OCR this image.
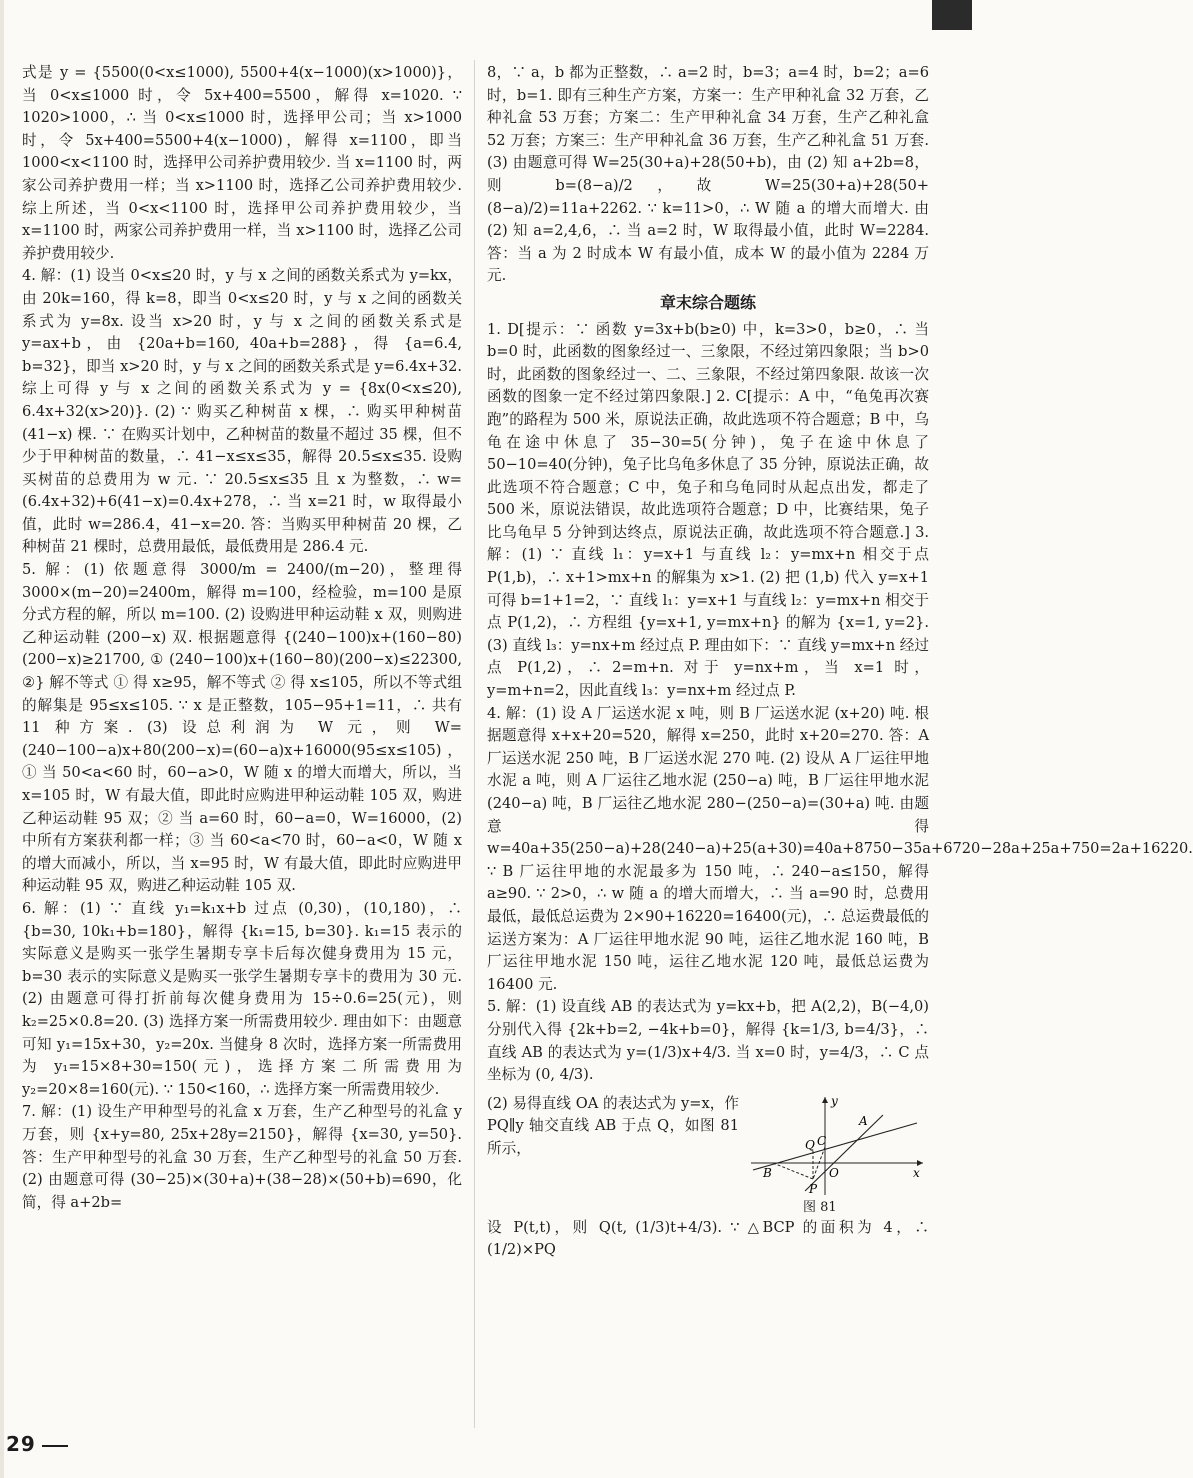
式是 y = {5500(0<x≤1000), 5500+4(x−1000)(x>1000)}，当 0<x≤1000 时，令 5x+400=5500，解得 x=1020. ∵ 1020>1000，∴ 当 0<x≤1000 时，选择甲公司；当 x>1000 时，令 5x+400=5500+4(x−1000)，解得 x=1100，即当 1000<x<1100 时，选择甲公司养护费用较少. 当 x=1100 时，两家公司养护费用一样；当 x>1100 时，选择乙公司养护费用较少. 综上所述，当 0<x<1100 时，选择甲公司养护费用较少，当 x=1100 时，两家公司养护费用一样，当 x>1100 时，选择乙公司养护费用较少.

4. 解：(1) 设当 0<x≤20 时，y 与 x 之间的函数关系式为 y=kx，由 20k=160，得 k=8，即当 0<x≤20 时，y 与 x 之间的函数关系式为 y=8x. 设当 x>20 时，y 与 x 之间的函数关系式是 y=ax+b，由 {20a+b=160, 40a+b=288}，得 {a=6.4, b=32}，即当 x>20 时，y 与 x 之间的函数关系式是 y=6.4x+32. 综上可得 y 与 x 之间的函数关系式为 y = {8x(0<x≤20), 6.4x+32(x>20)}. (2) ∵ 购买乙种树苗 x 棵，∴ 购买甲种树苗 (41−x) 棵. ∵ 在购买计划中，乙种树苗的数量不超过 35 棵，但不少于甲种树苗的数量，∴ 41−x≤x≤35，解得 20.5≤x≤35. 设购买树苗的总费用为 w 元. ∵ 20.5≤x≤35 且 x 为整数，∴ w=(6.4x+32)+6(41−x)=0.4x+278，∴ 当 x=21 时，w 取得最小值，此时 w=286.4，41−x=20. 答：当购买甲种树苗 20 棵，乙种树苗 21 棵时，总费用最低，最低费用是 286.4 元.

5. 解：(1) 依题意得 3000/m = 2400/(m−20)，整理得 3000×(m−20)=2400m，解得 m=100，经检验，m=100 是原分式方程的解，所以 m=100. (2) 设购进甲种运动鞋 x 双，则购进乙种运动鞋 (200−x) 双. 根据题意得 {(240−100)x+(160−80)(200−x)≥21700, ① (240−100)x+(160−80)(200−x)≤22300, ②} 解不等式 ① 得 x≥95，解不等式 ② 得 x≤105，所以不等式组的解集是 95≤x≤105. ∵ x 是正整数，105−95+1=11，∴ 共有 11 种方案. (3) 设总利润为 W 元，则 W=(240−100−a)x+80(200−x)=(60−a)x+16000(95≤x≤105)，① 当 50<a<60 时，60−a>0，W 随 x 的增大而增大，所以，当 x=105 时，W 有最大值，即此时应购进甲种运动鞋 105 双，购进乙种运动鞋 95 双；② 当 a=60 时，60−a=0，W=16000，(2) 中所有方案获利都一样；③ 当 60<a<70 时，60−a<0，W 随 x 的增大而减小，所以，当 x=95 时，W 有最大值，即此时应购进甲种运动鞋 95 双，购进乙种运动鞋 105 双.

6. 解：(1) ∵ 直线 y₁=k₁x+b 过点 (0,30)，(10,180)，∴ {b=30, 10k₁+b=180}，解得 {k₁=15, b=30}. k₁=15 表示的实际意义是购买一张学生暑期专享卡后每次健身费用为 15 元，b=30 表示的实际意义是购买一张学生暑期专享卡的费用为 30 元. (2) 由题意可得打折前每次健身费用为 15÷0.6=25(元)，则 k₂=25×0.8=20. (3) 选择方案一所需费用较少. 理由如下：由题意可知 y₁=15x+30，y₂=20x. 当健身 8 次时，选择方案一所需费用为 y₁=15×8+30=150(元)，选择方案二所需费用为 y₂=20×8=160(元). ∵ 150<160，∴ 选择方案一所需费用较少.

7. 解：(1) 设生产甲种型号的礼盒 x 万套，生产乙种型号的礼盒 y 万套，则 {x+y=80, 25x+28y=2150}，解得 {x=30, y=50}. 答：生产甲种型号的礼盒 30 万套，生产乙种型号的礼盒 50 万套. (2) 由题意可得 (30−25)×(30+a)+(38−28)×(50+b)=690，化简，得 a+2b=

8，∵ a，b 都为正整数，∴ a=2 时，b=3；a=4 时，b=2；a=6 时，b=1. 即有三种生产方案，方案一：生产甲种礼盒 32 万套，乙种礼盒 53 万套；方案二：生产甲种礼盒 34 万套，生产乙种礼盒 52 万套；方案三：生产甲种礼盒 36 万套，生产乙种礼盒 51 万套. (3) 由题意可得 W=25(30+a)+28(50+b)，由 (2) 知 a+2b=8，则 b=(8−a)/2，故 W=25(30+a)+28(50+(8−a)/2)=11a+2262. ∵ k=11>0，∴ W 随 a 的增大而增大. 由 (2) 知 a=2,4,6，∴ 当 a=2 时，W 取得最小值，此时 W=2284. 答：当 a 为 2 时成本 W 有最小值，成本 W 的最小值为 2284 万元.

章末综合题练

1. D[提示：∵ 函数 y=3x+b(b≥0) 中，k=3>0，b≥0，∴ 当 b=0 时，此函数的图象经过一、三象限，不经过第四象限；当 b>0 时，此函数的图象经过一、二、三象限，不经过第四象限. 故该一次函数的图象一定不经过第四象限.] 2. C[提示：A 中，“龟兔再次赛跑”的路程为 500 米，原说法正确，故此选项不符合题意；B 中，乌龟在途中休息了 35−30=5(分钟)，兔子在途中休息了 50−10=40(分钟)，兔子比乌龟多休息了 35 分钟，原说法正确，故此选项不符合题意；C 中，兔子和乌龟同时从起点出发，都走了 500 米，原说法错误，故此选项符合题意；D 中，比赛结果，兔子比乌龟早 5 分钟到达终点，原说法正确，故此选项不符合题意.] 3. 解：(1) ∵ 直线 l₁：y=x+1 与直线 l₂：y=mx+n 相交于点 P(1,b)，∴ x+1>mx+n 的解集为 x>1. (2) 把 (1,b) 代入 y=x+1 可得 b=1+1=2，∵ 直线 l₁：y=x+1 与直线 l₂：y=mx+n 相交于点 P(1,2)，∴ 方程组 {y=x+1, y=mx+n} 的解为 {x=1, y=2}. (3) 直线 l₃：y=nx+m 经过点 P. 理由如下：∵ 直线 y=mx+n 经过点 P(1,2)，∴ 2=m+n. 对于 y=nx+m，当 x=1 时，y=m+n=2，因此直线 l₃：y=nx+m 经过点 P.

4. 解：(1) 设 A 厂运送水泥 x 吨，则 B 厂运送水泥 (x+20) 吨. 根据题意得 x+x+20=520，解得 x=250，此时 x+20=270. 答：A 厂运送水泥 250 吨，B 厂运送水泥 270 吨. (2) 设从 A 厂运往甲地水泥 a 吨，则 A 厂运往乙地水泥 (250−a) 吨，B 厂运往甲地水泥 (240−a) 吨，B 厂运往乙地水泥 280−(250−a)=(30+a) 吨. 由题意得 w=40a+35(250−a)+28(240−a)+25(a+30)=40a+8750−35a+6720−28a+25a+750=2a+16220. ∵ B 厂运往甲地的水泥最多为 150 吨，∴ 240−a≤150，解得 a≥90. ∵ 2>0，∴ w 随 a 的增大而增大，∴ 当 a=90 时，总费用最低，最低总运费为 2×90+16220=16400(元)，∴ 总运费最低的运送方案为：A 厂运往甲地水泥 90 吨，运往乙地水泥 160 吨，B 厂运往甲地水泥 150 吨，运往乙地水泥 120 吨，最低总运费为 16400 元.

5. 解：(1) 设直线 AB 的表达式为 y=kx+b，把 A(2,2)，B(−4,0) 分别代入得 {2k+b=2, −4k+b=0}，解得 {k=1/3, b=4/3}，∴ 直线 AB 的表达式为 y=(1/3)x+4/3. 当 x=0 时，y=4/3，∴ C 点坐标为 (0, 4/3).

(2) 易得直线 OA 的表达式为 y=x，作 PQ∥y 轴交直线 AB 于点 Q，如图 81 所示，

y
x
A
B
C
Q
O
P
图 81

设 P(t,t)，则 Q(t, (1/3)t+4/3). ∵ △BCP 的面积为 4，∴ (1/2)×PQ

29
